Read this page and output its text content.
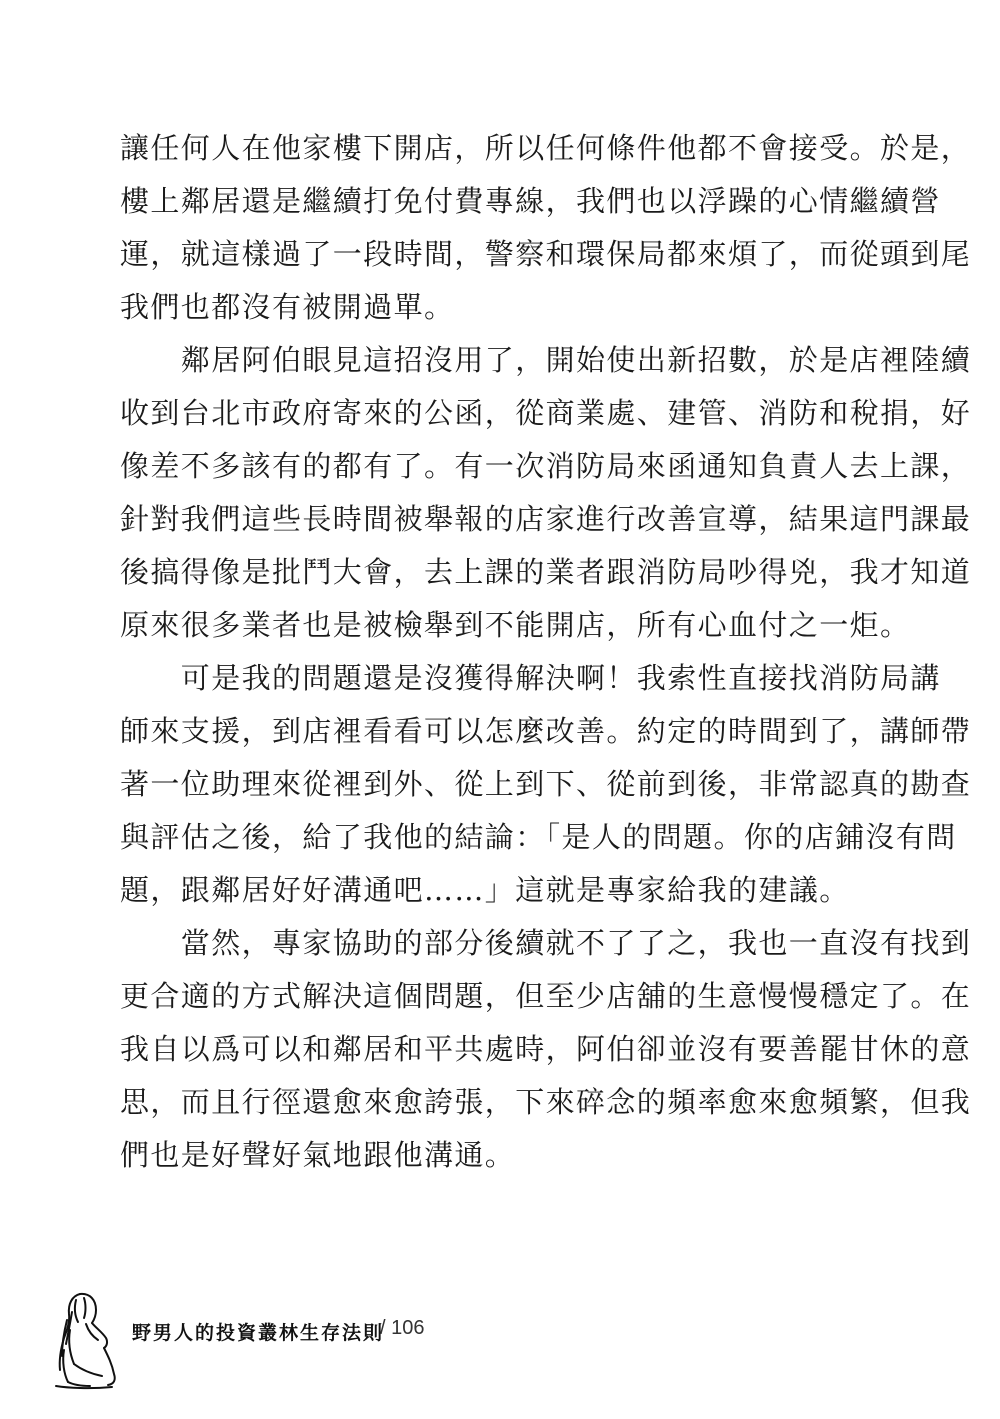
讓任何人在他家樓下開店，所以任何條件他都不會接受。於是，
樓上鄰居還是繼續打免付費專線，我們也以浮躁的心情繼續營
運，就這樣過了一段時間，警察和環保局都來煩了，而從頭到尾
我們也都沒有被開過單。
　　鄰居阿伯眼見這招沒用了，開始使出新招數，於是店裡陸續
收到台北市政府寄來的公函，從商業處、建管、消防和稅捐，好
像差不多該有的都有了。有一次消防局來函通知負責人去上課，
針對我們這些長時間被舉報的店家進行改善宣導，結果這門課最
後搞得像是批鬥大會，去上課的業者跟消防局吵得兇，我才知道
原來很多業者也是被檢舉到不能開店，所有心血付之一炬。
　　可是我的問題還是沒獲得解決啊！我索性直接找消防局講
師來支援，到店裡看看可以怎麼改善。約定的時間到了，講師帶
著一位助理來從裡到外、從上到下、從前到後，非常認真的勘查
與評估之後，給了我他的結論：「是人的問題。你的店鋪沒有問
題，跟鄰居好好溝通吧……」這就是專家給我的建議。
　　當然，專家協助的部分後續就不了了之，我也一直沒有找到
更合適的方式解決這個問題，但至少店舖的生意慢慢穩定了。在
我自以爲可以和鄰居和平共處時，阿伯卻並沒有要善罷甘休的意
思，而且行徑還愈來愈誇張，下來碎念的頻率愈來愈頻繁，但我
們也是好聲好氣地跟他溝通。
野男人的投資叢林生存法則
/ 106
